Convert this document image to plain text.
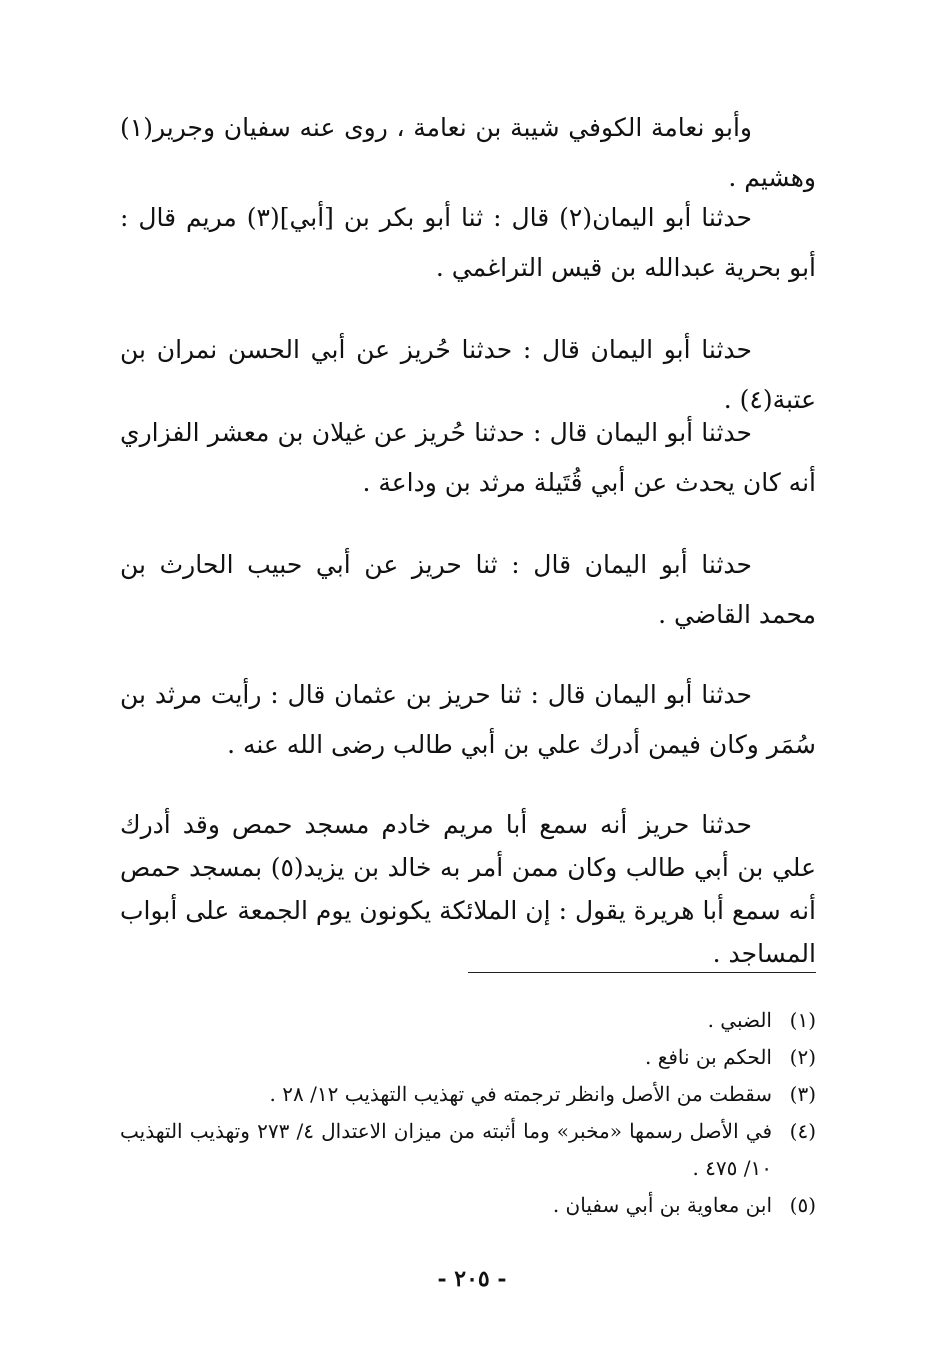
وأبو نعامة الكوفي شيبة بن نعامة ، روى عنه سفيان وجرير(١) وهشيم .

حدثنا أبو اليمان(٢) قال : ثنا أبو بكر بن [أبي](٣) مريم قال : أبو بحرية عبدالله بن قيس التراغمي .

حدثنا أبو اليمان قال : حدثنا حُريز عن أبي الحسن نمران بن عتبة(٤) .

حدثنا أبو اليمان قال : حدثنا حُريز عن غيلان بن معشر الفزاري أنه كان يحدث عن أبي قُتَيلة مرثد بن وداعة .

حدثنا أبو اليمان قال : ثنا حريز عن أبي حبيب الحارث بن محمد القاضي .

حدثنا أبو اليمان قال : ثنا حريز بن عثمان قال : رأيت مرثد بن سُمَر وكان فيمن أدرك علي بن أبي طالب رضى الله عنه .

حدثنا حريز أنه سمع أبا مريم خادم مسجد حمص وقد أدرك علي بن أبي طالب وكان ممن أمر به خالد بن يزيد(٥) بمسجد حمص أنه سمع أبا هريرة يقول : إن الملائكة يكونون يوم الجمعة على أبواب المساجد .

(١)
الضبي .
(٢)
الحكم بن نافع .
(٣)
سقطت من الأصل وانظر ترجمته في تهذيب التهذيب ١٢/ ٢٨ .
(٤)
في الأصل رسمها «مخبر» وما أثبته من ميزان الاعتدال ٤/ ٢٧٣ وتهذيب التهذيب ١٠/ ٤٧٥ .
(٥)
ابن معاوية بن أبي سفيان .
- ٢٠٥ -
